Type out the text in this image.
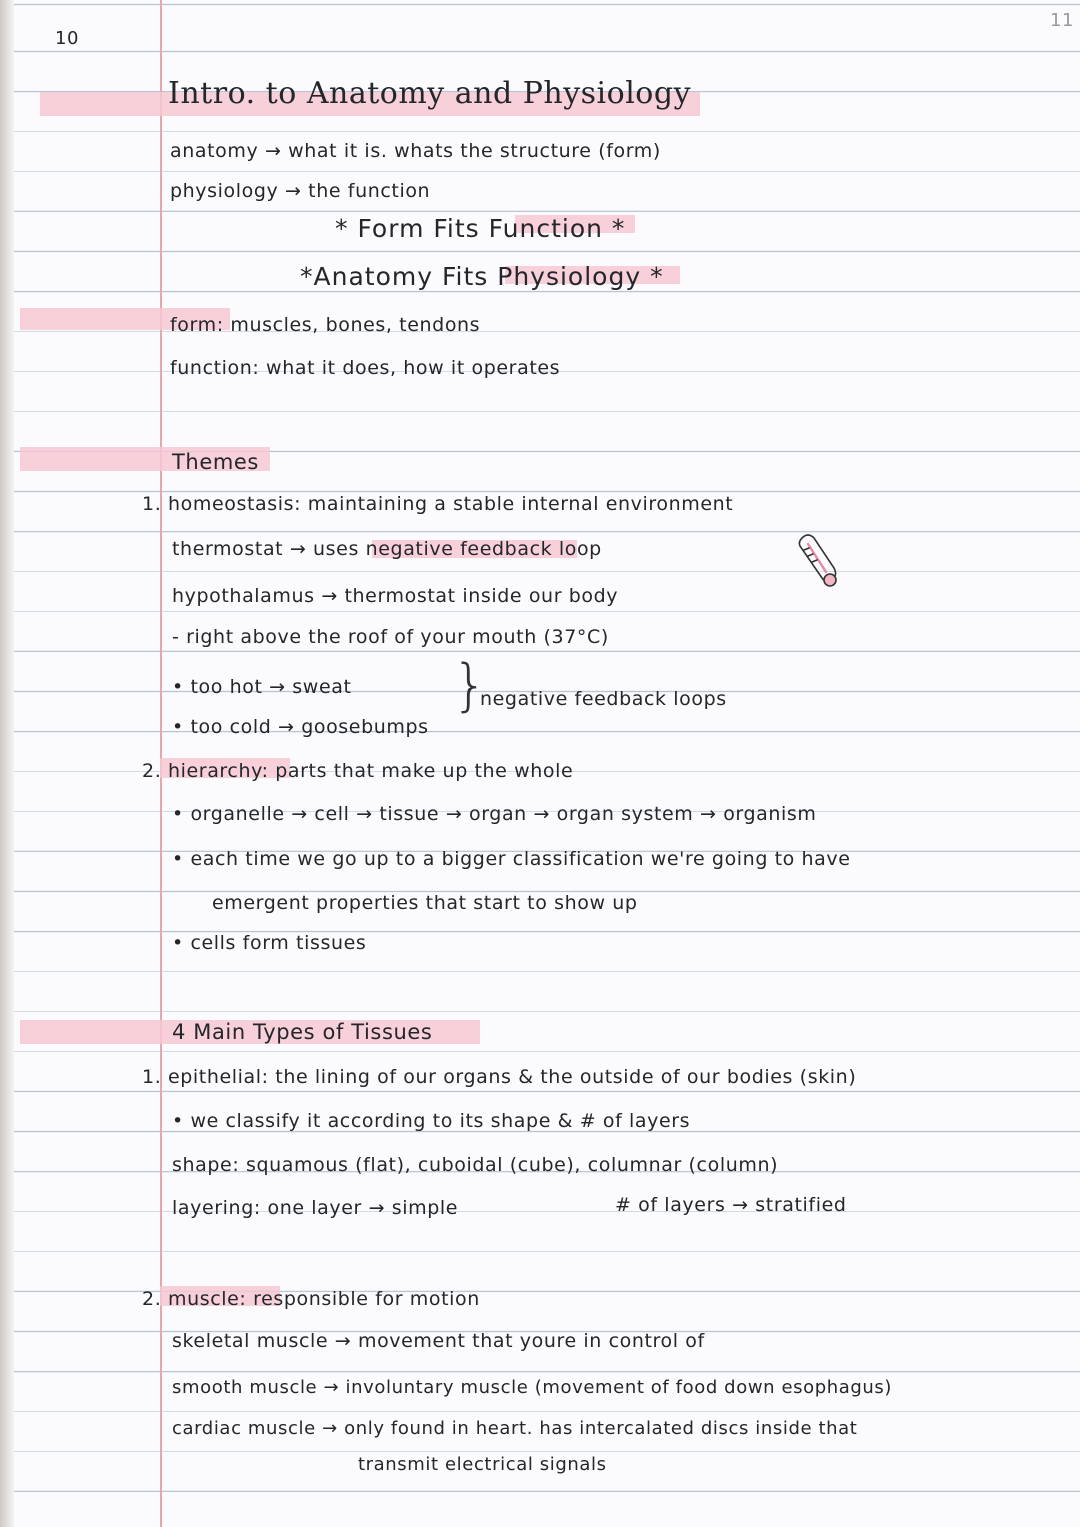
10
11
Intro. to Anatomy and Physiology
anatomy → what it is. whats the structure (form)
physiology → the function
* Form Fits Function *
*Anatomy Fits Physiology *
form: muscles, bones, tendons
function: what it does, how it operates
Themes
1. homeostasis: maintaining a stable internal environment
thermostat → uses negative feedback loop
hypothalamus → thermostat inside our body
- right above the roof of your mouth (37°C)
• too hot → sweat
• too cold → goosebumps
}
negative feedback loops
2. hierarchy: parts that make up the whole
• organelle → cell → tissue → organ → organ system → organism
• each time we go up to a bigger classification we're going to have
emergent properties that start to show up
• cells form tissues
4 Main Types of Tissues
1. epithelial: the lining of our organs & the outside of our bodies (skin)
• we classify it according to its shape & # of layers
shape: squamous (flat), cuboidal (cube), columnar (column)
layering: one layer → simple	# of layers → stratified
2. muscle: responsible for motion
skeletal muscle → movement that youre in control of
smooth muscle → involuntary muscle (movement of food down esophagus)
cardiac muscle → only found in heart. has intercalated discs inside that
transmit electrical signals
